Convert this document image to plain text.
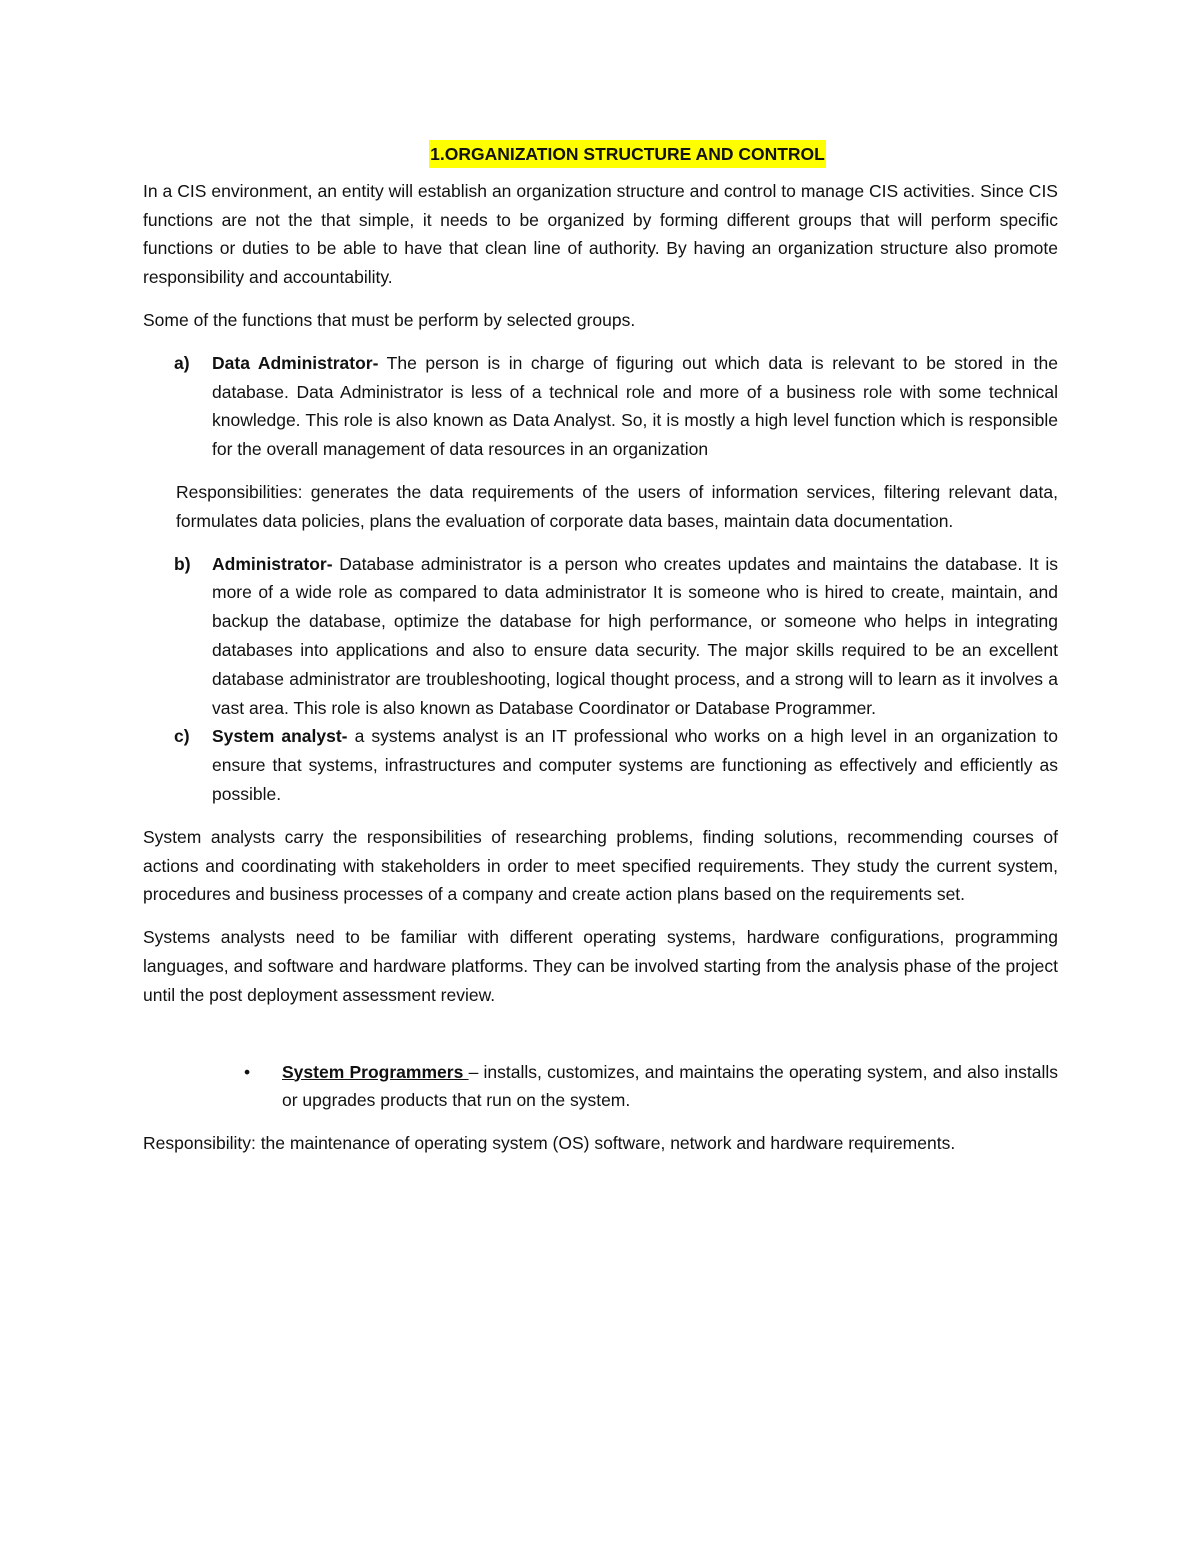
1.ORGANIZATION STRUCTURE AND CONTROL

In a CIS environment, an entity will establish an organization structure and control to manage CIS activities. Since CIS functions are not the that simple, it needs to be organized by forming different groups that will perform specific functions or duties to be able to have that clean line of authority. By having an organization structure also promote responsibility and accountability.

Some of the functions that must be perform by selected groups.

a) Data Administrator- The person is in charge of figuring out which data is relevant to be stored in the database. Data Administrator is less of a technical role and more of a business role with some technical knowledge. This role is also known as Data Analyst. So, it is mostly a high level function which is responsible for the overall management of data resources in an organization

Responsibilities: generates the data requirements of the users of information services, filtering relevant data, formulates data policies, plans the evaluation of corporate data bases, maintain data documentation.

b) Administrator- Database administrator is a person who creates updates and maintains the database. It is more of a wide role as compared to data administrator It is someone who is hired to create, maintain, and backup the database, optimize the database for high performance, or someone who helps in integrating databases into applications and also to ensure data security. The major skills required to be an excellent database administrator are troubleshooting, logical thought process, and a strong will to learn as it involves a vast area. This role is also known as Database Coordinator or Database Programmer.
c) System analyst- a systems analyst is an IT professional who works on a high level in an organization to ensure that systems, infrastructures and computer systems are functioning as effectively and efficiently as possible.

System analysts carry the responsibilities of researching problems, finding solutions, recommending courses of actions and coordinating with stakeholders in order to meet specified requirements. They study the current system, procedures and business processes of a company and create action plans based on the requirements set.

Systems analysts need to be familiar with different operating systems, hardware configurations, programming languages, and software and hardware platforms. They can be involved starting from the analysis phase of the project until the post deployment assessment review.

• System Programmers – installs, customizes, and maintains the operating system, and also installs or upgrades products that run on the system.

Responsibility: the maintenance of operating system (OS) software, network and hardware requirements.
